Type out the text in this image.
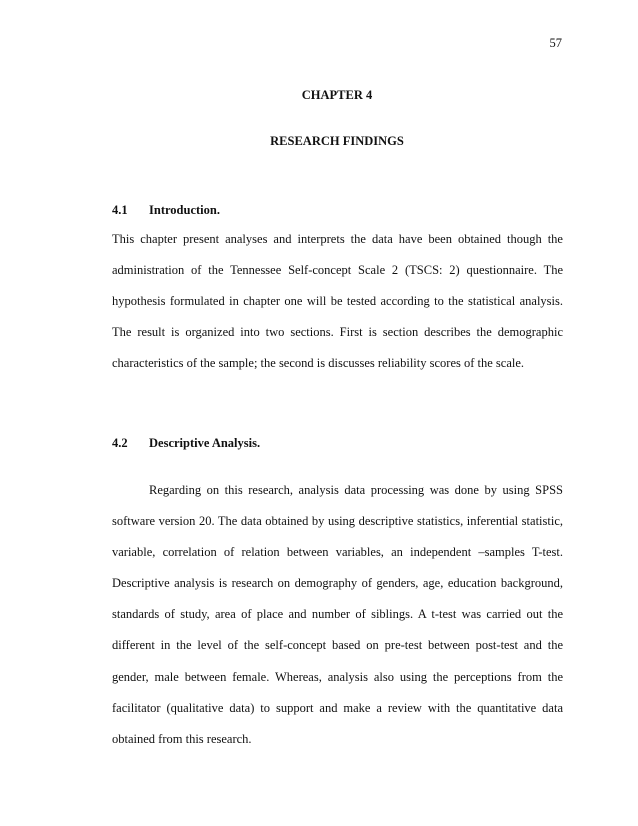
57
CHAPTER 4
RESEARCH FINDINGS
4.1 Introduction.

This chapter present analyses and interprets the data have been obtained though the administration of the Tennessee Self-concept Scale 2 (TSCS: 2) questionnaire. The hypothesis formulated in chapter one will be tested according to the statistical analysis. The result is organized into two sections. First is section describes the demographic characteristics of the sample; the second is discusses reliability scores of the scale.

4.2 Descriptive Analysis.

Regarding on this research, analysis data processing was done by using SPSS software version 20. The data obtained by using descriptive statistics, inferential statistic, variable, correlation of relation between variables, an independent –samples T-test. Descriptive analysis is research on demography of genders, age, education background, standards of study, area of place and number of siblings. A t-test was carried out the different in the level of the self-concept based on pre-test between post-test and the gender, male between female. Whereas, analysis also using the perceptions from the facilitator (qualitative data) to support and make a review with the quantitative data obtained from this research.
